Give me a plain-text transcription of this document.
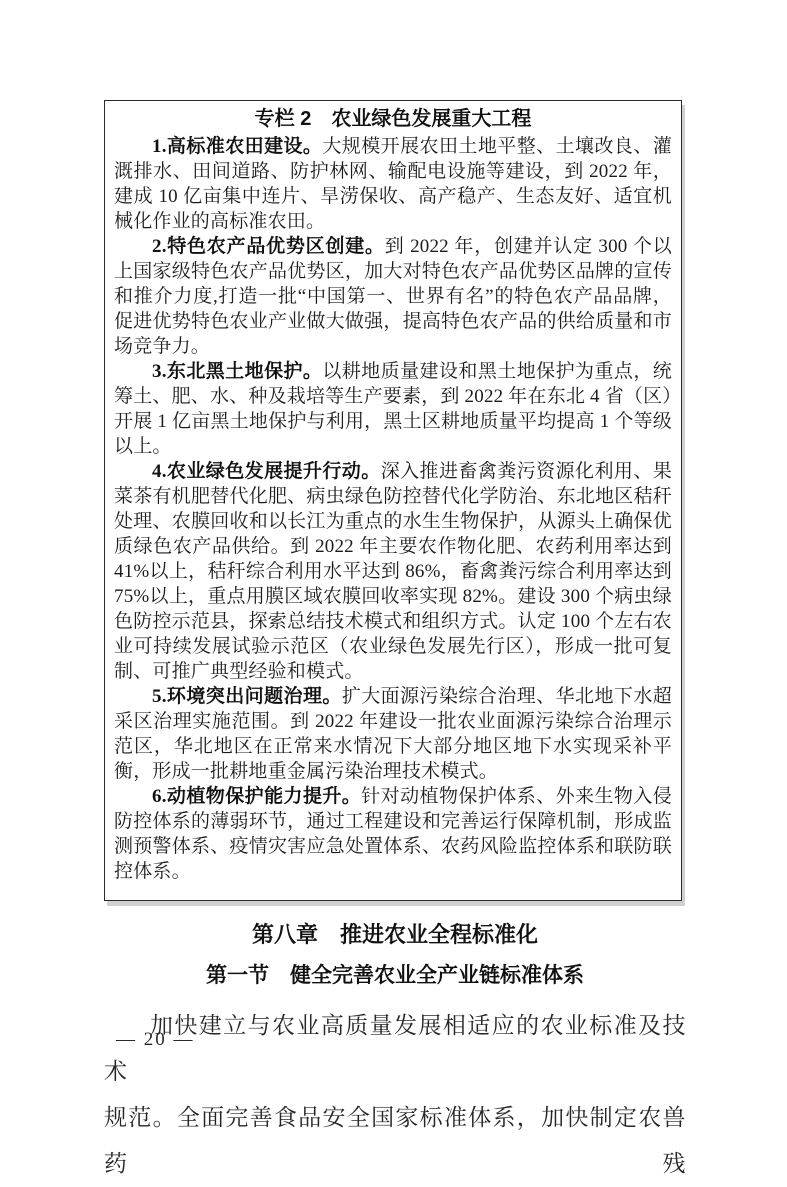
专栏 2　农业绿色发展重大工程

1.高标准农田建设。大规模开展农田土地平整、土壤改良、灌溉排水、田间道路、防护林网、输配电设施等建设，到 2022 年，建成 10 亿亩集中连片、旱涝保收、高产稳产、生态友好、适宜机械化作业的高标准农田。

2.特色农产品优势区创建。到 2022 年，创建并认定 300 个以上国家级特色农产品优势区，加大对特色农产品优势区品牌的宣传和推介力度,打造一批“中国第一、世界有名”的特色农产品品牌，促进优势特色农业产业做大做强，提高特色农产品的供给质量和市场竞争力。

3.东北黑土地保护。以耕地质量建设和黑土地保护为重点，统筹土、肥、水、种及栽培等生产要素，到 2022 年在东北 4 省（区）开展 1 亿亩黑土地保护与利用，黑土区耕地质量平均提高 1 个等级以上。

4.农业绿色发展提升行动。深入推进畜禽粪污资源化利用、果菜茶有机肥替代化肥、病虫绿色防控替代化学防治、东北地区秸秆处理、农膜回收和以长江为重点的水生生物保护，从源头上确保优质绿色农产品供给。到 2022 年主要农作物化肥、农药利用率达到 41%以上，秸秆综合利用水平达到 86%，畜禽粪污综合利用率达到 75%以上，重点用膜区域农膜回收率实现 82%。建设 300 个病虫绿色防控示范县，探索总结技术模式和组织方式。认定 100 个左右农业可持续发展试验示范区（农业绿色发展先行区），形成一批可复制、可推广典型经验和模式。

5.环境突出问题治理。扩大面源污染综合治理、华北地下水超采区治理实施范围。到 2022 年建设一批农业面源污染综合治理示范区，华北地区在正常来水情况下大部分地区地下水实现采补平衡，形成一批耕地重金属污染治理技术模式。

6.动植物保护能力提升。针对动植物保护体系、外来生物入侵防控体系的薄弱环节，通过工程建设和完善运行保障机制，形成监测预警体系、疫情灾害应急处置体系、农药风险监控体系和联防联控体系。

第八章　推进农业全程标准化
第一节　健全完善农业全产业链标准体系
加快建立与农业高质量发展相适应的农业标准及技术
规范。全面完善食品安全国家标准体系，加快制定农兽药残
— 20 —
